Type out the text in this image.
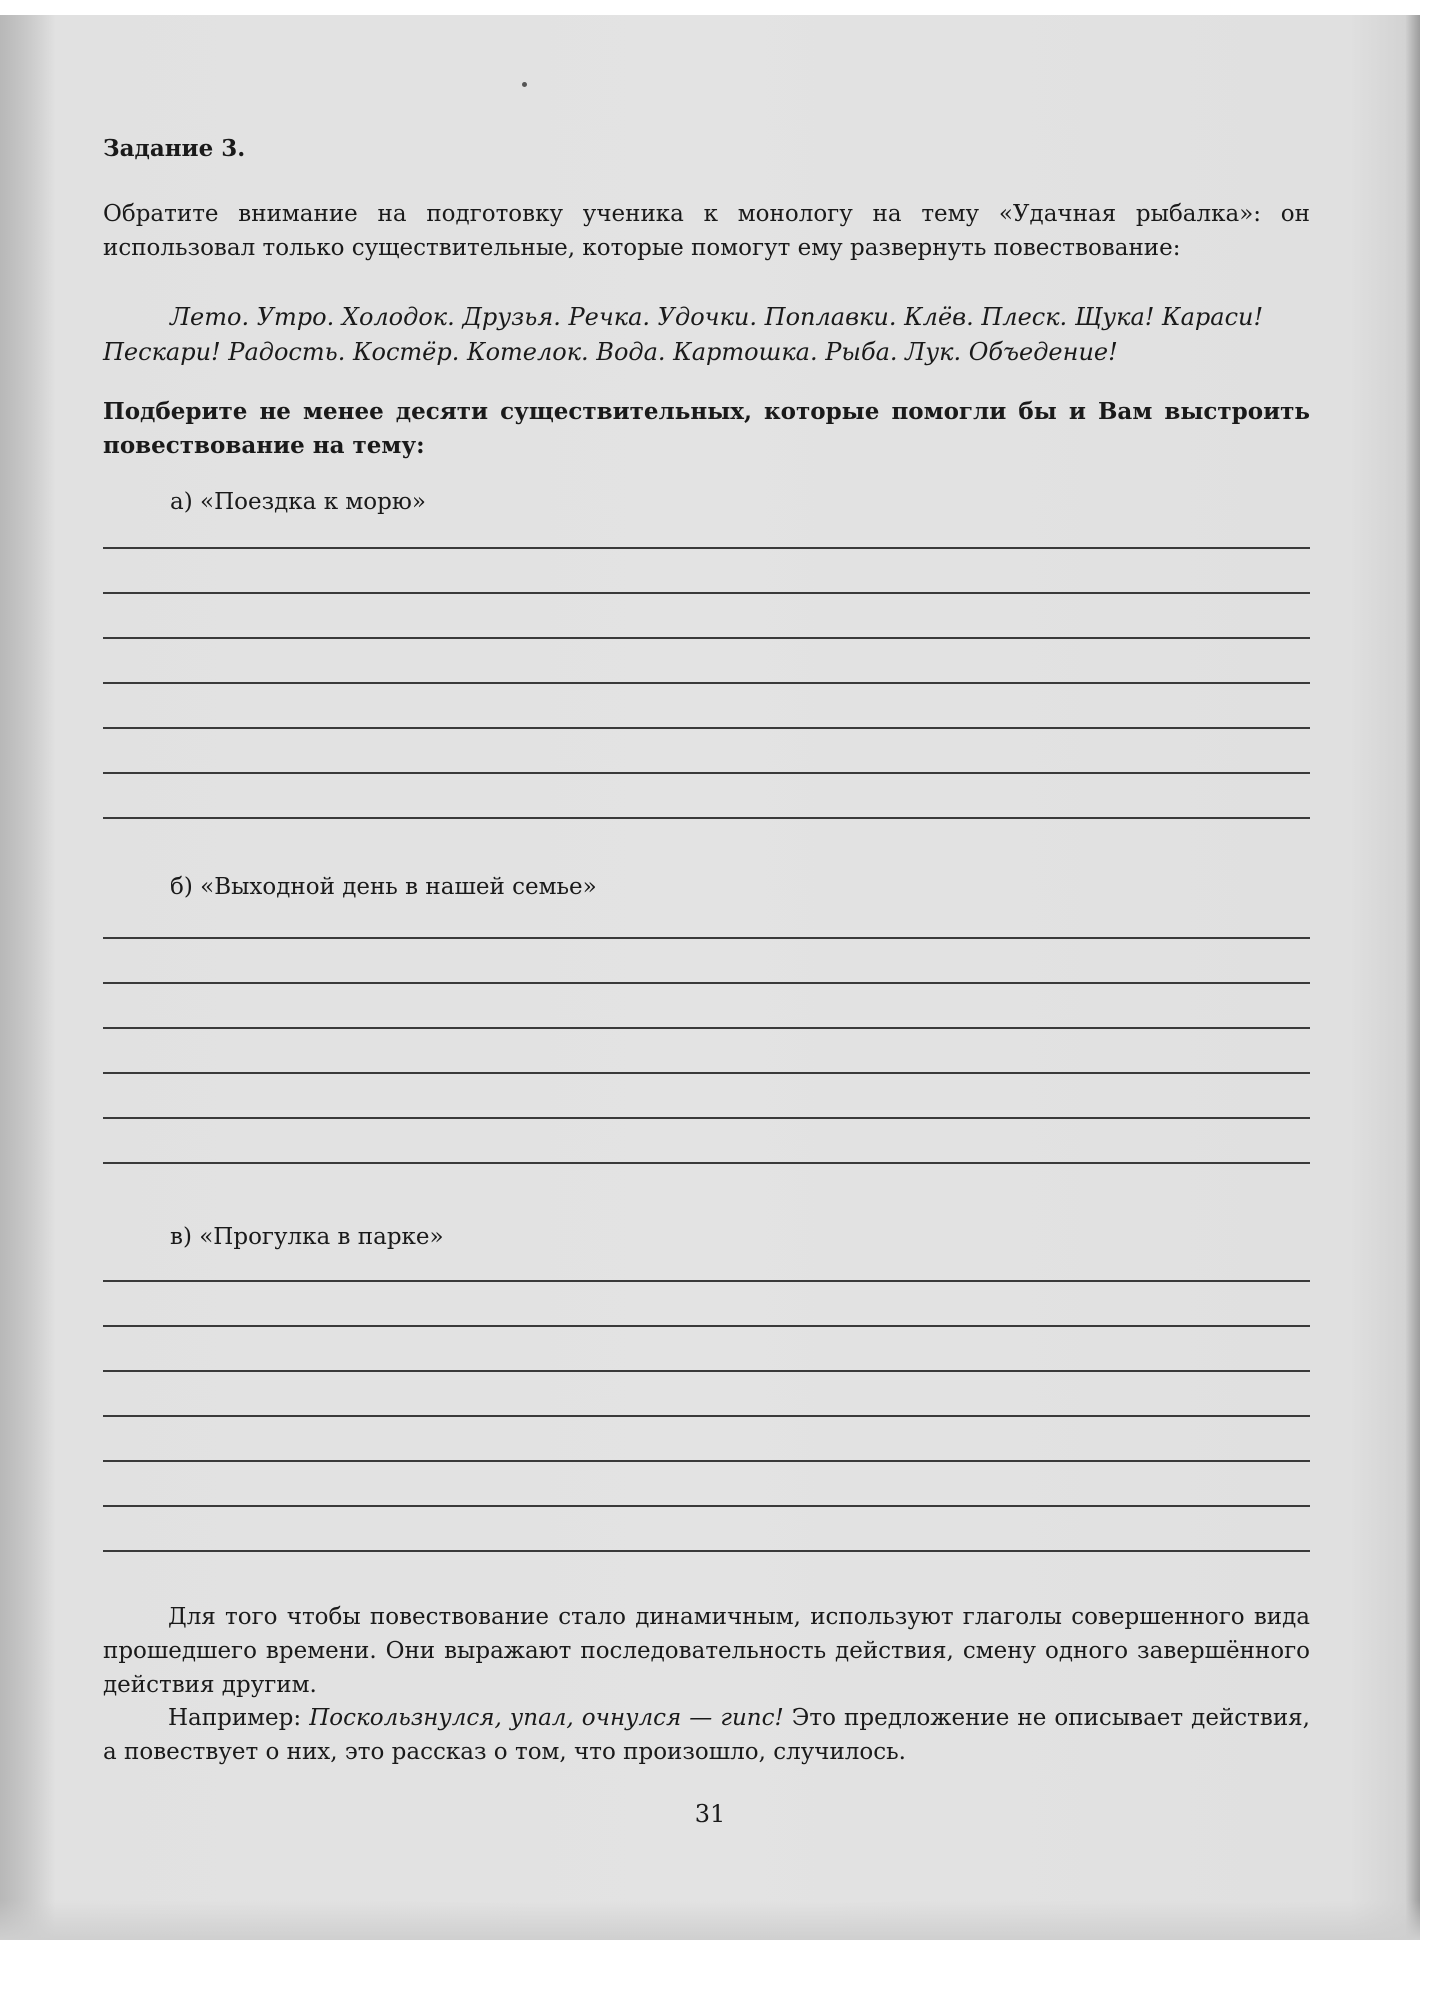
Задание 3.

Обратите внимание на подготовку ученика к монологу на тему «Удачная рыбалка»: он использовал только существительные, которые помогут ему развернуть повествование:

Лето. Утро. Холодок. Друзья. Речка. Удочки. Поплавки. Клёв. Плеск. Щука! Караси!

Пескари! Радость. Костёр. Котелок. Вода. Картошка. Рыба. Лук. Объедение!

Подберите не менее десяти существительных, которые помогли бы и Вам выстроить повествование на тему:

а) «Поездка к морю»

б) «Выходной день в нашей семье»

в) «Прогулка в парке»

Для того чтобы повествование стало динамичным, используют глаголы совершенного вида прошедшего времени. Они выражают последовательность действия, смену одного завершённого действия другим.

Например: Поскользнулся, упал, очнулся — гипс! Это предложение не описывает действия, а повествует о них, это рассказ о том, что произошло, случилось.

31
